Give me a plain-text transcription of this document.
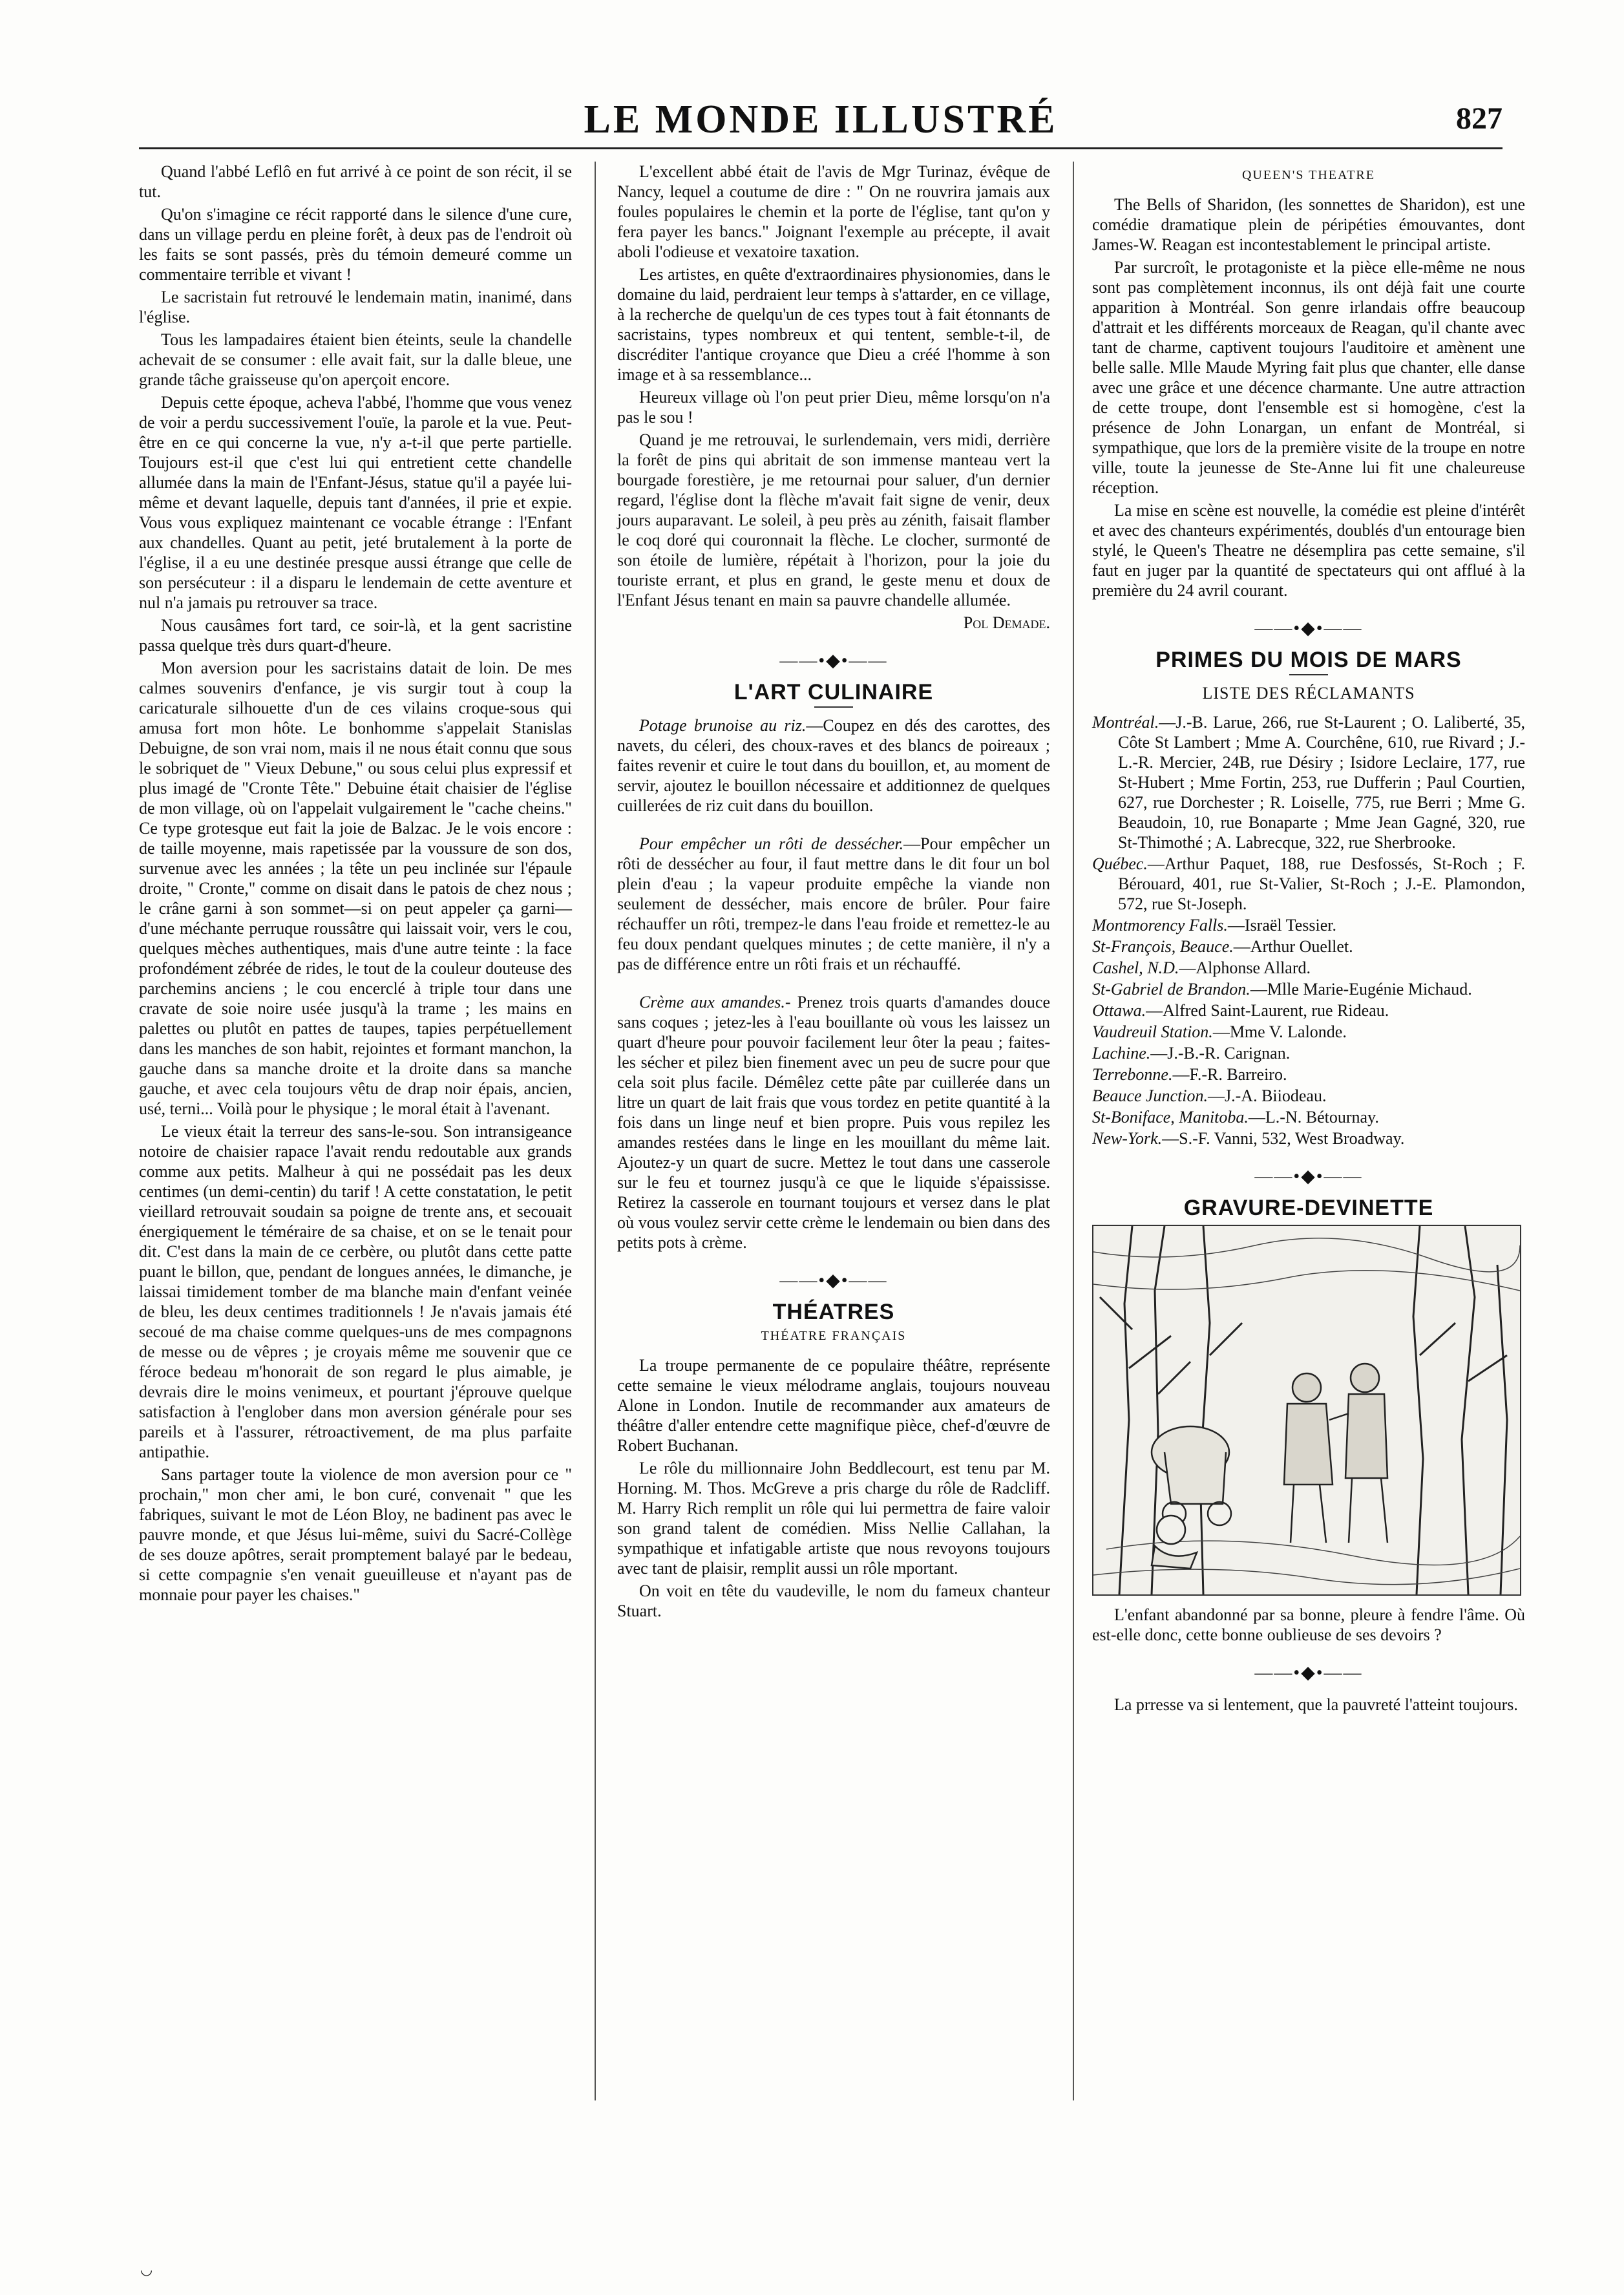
LE MONDE ILLUSTRÉ	827

Quand l'abbé Leflô en fut arrivé à ce point de son récit, il se tut.

Qu'on s'imagine ce récit rapporté dans le silence d'une cure, dans un village perdu en pleine forêt, à deux pas de l'endroit où les faits se sont passés, près du témoin demeuré comme un commentaire terrible et vivant !

Le sacristain fut retrouvé le lendemain matin, inanimé, dans l'église.

Tous les lampadaires étaient bien éteints, seule la chandelle achevait de se consumer : elle avait fait, sur la dalle bleue, une grande tâche graisseuse qu'on aperçoit encore.

Depuis cette époque, acheva l'abbé, l'homme que vous venez de voir a perdu successivement l'ouïe, la parole et la vue. Peut-être en ce qui concerne la vue, n'y a-t-il que perte partielle. Toujours est-il que c'est lui qui entretient cette chandelle allumée dans la main de l'Enfant-Jésus, statue qu'il a payée lui-même et devant laquelle, depuis tant d'années, il prie et expie. Vous vous expliquez maintenant ce vocable étrange : l'Enfant aux chandelles. Quant au petit, jeté brutalement à la porte de l'église, il a eu une destinée presque aussi étrange que celle de son persécuteur : il a disparu le lendemain de cette aventure et nul n'a jamais pu retrouver sa trace.

Nous causâmes fort tard, ce soir-là, et la gent sacristine passa quelque très durs quart-d'heure.

Mon aversion pour les sacristains datait de loin. De mes calmes souvenirs d'enfance, je vis surgir tout à coup la caricaturale silhouette d'un de ces vilains croque-sous qui amusa fort mon hôte. Le bonhomme s'appelait Stanislas Debuigne, de son vrai nom, mais il ne nous était connu que sous le sobriquet de " Vieux Debune," ou sous celui plus expressif et plus imagé de "Cronte Tête." Debuine était chaisier de l'église de mon village, où on l'appelait vulgairement le "cache cheins." Ce type grotesque eut fait la joie de Balzac. Je le vois encore : de taille moyenne, mais rapetissée par la voussure de son dos, survenue avec les années ; la tête un peu inclinée sur l'épaule droite, " Cronte," comme on disait dans le patois de chez nous ; le crâne garni à son sommet—si on peut appeler ça garni—d'une méchante perruque roussâtre qui laissait voir, vers le cou, quelques mèches authentiques, mais d'une autre teinte : la face profondément zébrée de rides, le tout de la couleur douteuse des parchemins anciens ; le cou encerclé à triple tour dans une cravate de soie noire usée jusqu'à la trame ; les mains en palettes ou plutôt en pattes de taupes, tapies perpétuellement dans les manches de son habit, rejointes et formant manchon, la gauche dans sa manche droite et la droite dans sa manche gauche, et avec cela toujours vêtu de drap noir épais, ancien, usé, terni... Voilà pour le physique ; le moral était à l'avenant.

Le vieux était la terreur des sans-le-sou. Son intransigeance notoire de chaisier rapace l'avait rendu redoutable aux grands comme aux petits. Malheur à qui ne possédait pas les deux centimes (un demi-centin) du tarif ! A cette constatation, le petit vieillard retrouvait soudain sa poigne de trente ans, et secouait énergiquement le téméraire de sa chaise, et on se le tenait pour dit. C'est dans la main de ce cerbère, ou plutôt dans cette patte puant le billon, que, pendant de longues années, le dimanche, je laissai timidement tomber de ma blanche main d'enfant veinée de bleu, les deux centimes traditionnels ! Je n'avais jamais été secoué de ma chaise comme quelques-uns de mes compagnons de messe ou de vêpres ; je croyais même me souvenir que ce féroce bedeau m'honorait de son regard le plus aimable, je devrais dire le moins venimeux, et pourtant j'éprouve quelque satisfaction à l'englober dans mon aversion générale pour ses pareils et à l'assurer, rétroactivement, de ma plus parfaite antipathie.

Sans partager toute la violence de mon aversion pour ce " prochain," mon cher ami, le bon curé, convenait " que les fabriques, suivant le mot de Léon Bloy, ne badinent pas avec le pauvre monde, et que Jésus lui-même, suivi du Sacré-Collège de ses douze apôtres, serait promptement balayé par le bedeau, si cette compagnie s'en venait gueuilleuse et n'ayant pas de monnaie pour payer les chaises."

L'excellent abbé était de l'avis de Mgr Turinaz, évêque de Nancy, lequel a coutume de dire : " On ne rouvrira jamais aux foules populaires le chemin et la porte de l'église, tant qu'on y fera payer les bancs." Joignant l'exemple au précepte, il avait aboli l'odieuse et vexatoire taxation.

Les artistes, en quête d'extraordinaires physionomies, dans le domaine du laid, perdraient leur temps à s'attarder, en ce village, à la recherche de quelqu'un de ces types tout à fait étonnants de sacristains, types nombreux et qui tentent, semble-t-il, de discréditer l'antique croyance que Dieu a créé l'homme à son image et à sa ressemblance...

Heureux village où l'on peut prier Dieu, même lorsqu'on n'a pas le sou !

Quand je me retrouvai, le surlendemain, vers midi, derrière la forêt de pins qui abritait de son immense manteau vert la bourgade forestière, je me retournai pour saluer, d'un dernier regard, l'église dont la flèche m'avait fait signe de venir, deux jours auparavant. Le soleil, à peu près au zénith, faisait flamber le coq doré qui couronnait la flèche. Le clocher, surmonté de son étoile de lumière, répétait à l'horizon, pour la joie du touriste errant, et plus en grand, le geste menu et doux de l'Enfant Jésus tenant en main sa pauvre chandelle allumée.

Pol Demade.

——•◆•——
L'ART CULINAIRE

Potage brunoise au riz.—Coupez en dés des carottes, des navets, du céleri, des choux-raves et des blancs de poireaux ; faites revenir et cuire le tout dans du bouillon, et, au moment de servir, ajoutez le bouillon nécessaire et additionnez de quelques cuillerées de riz cuit dans du bouillon.

Pour empêcher un rôti de dessécher.—Pour empêcher un rôti de dessécher au four, il faut mettre dans le dit four un bol plein d'eau ; la vapeur produite empêche la viande non seulement de dessécher, mais encore de brûler. Pour faire réchauffer un rôti, trempez-le dans l'eau froide et remettez-le au feu doux pendant quelques minutes ; de cette manière, il n'y a pas de différence entre un rôti frais et un réchauffé.

Crème aux amandes.- Prenez trois quarts d'amandes douce sans coques ; jetez-les à l'eau bouillante où vous les laissez un quart d'heure pour pouvoir facilement leur ôter la peau ; faites-les sécher et pilez bien finement avec un peu de sucre pour que cela soit plus facile. Démêlez cette pâte par cuillerée dans un litre un quart de lait frais que vous tordez en petite quantité à la fois dans un linge neuf et bien propre. Puis vous repilez les amandes restées dans le linge en les mouillant du même lait. Ajoutez-y un quart de sucre. Mettez le tout dans une casserole sur le feu et tournez jusqu'à ce que le liquide s'épaississe. Retirez la casserole en tournant toujours et versez dans le plat où vous voulez servir cette crème le lendemain ou bien dans des petits pots à crème.

——•◆•——
THÉATRES
THÉATRE FRANÇAIS

La troupe permanente de ce populaire théâtre, représente cette semaine le vieux mélodrame anglais, toujours nouveau Alone in London. Inutile de recommander aux amateurs de théâtre d'aller entendre cette magnifique pièce, chef-d'œuvre de Robert Buchanan.

Le rôle du millionnaire John Beddlecourt, est tenu par M. Horning. M. Thos. McGreve a pris charge du rôle de Radcliff. M. Harry Rich remplit un rôle qui lui permettra de faire valoir son grand talent de comédien. Miss Nellie Callahan, la sympathique et infatigable artiste que nous revoyons toujours avec tant de plaisir, remplit aussi un rôle mportant.

On voit en tête du vaudeville, le nom du fameux chanteur Stuart.

QUEEN'S THEATRE

The Bells of Sharidon, (les sonnettes de Sharidon), est une comédie dramatique plein de péripéties émouvantes, dont James-W. Reagan est incontestablement le principal artiste.

Par surcroît, le protagoniste et la pièce elle-même ne nous sont pas complètement inconnus, ils ont déjà fait une courte apparition à Montréal. Son genre irlandais offre beaucoup d'attrait et les différents morceaux de Reagan, qu'il chante avec tant de charme, captivent toujours l'auditoire et amènent une belle salle. Mlle Maude Myring fait plus que chanter, elle danse avec une grâce et une décence charmante. Une autre attraction de cette troupe, dont l'ensemble est si homogène, c'est la présence de John Lonargan, un enfant de Montréal, si sympathique, que lors de la première visite de la troupe en notre ville, toute la jeunesse de Ste-Anne lui fit une chaleureuse réception.

La mise en scène est nouvelle, la comédie est pleine d'intérêt et avec des chanteurs expérimentés, doublés d'un entourage bien stylé, le Queen's Theatre ne désemplira pas cette semaine, s'il faut en juger par la quantité de spectateurs qui ont afflué à la première du 24 avril courant.

——•◆•——
PRIMES DU MOIS DE MARS
LISTE DES RÉCLAMANTS

Montréal.—J.-B. Larue, 266, rue St-Laurent ; O. Laliberté, 35, Côte St Lambert ; Mme A. Courchêne, 610, rue Rivard ; J.-L.-R. Mercier, 24B, rue Désiry ; Isidore Leclaire, 177, rue St-Hubert ; Mme Fortin, 253, rue Dufferin ; Paul Courtien, 627, rue Dorchester ; R. Loiselle, 775, rue Berri ; Mme G. Beaudoin, 10, rue Bonaparte ; Mme Jean Gagné, 320, rue St-Thimothé ; A. Labrecque, 322, rue Sherbrooke.

Québec.—Arthur Paquet, 188, rue Desfossés, St-Roch ; F. Bérouard, 401, rue St-Valier, St-Roch ; J.-E. Plamondon, 572, rue St-Joseph.

Montmorency Falls.—Israël Tessier.

St-François, Beauce.—Arthur Ouellet.

Cashel, N.D.—Alphonse Allard.

St-Gabriel de Brandon.—Mlle Marie-Eugénie Michaud.

Ottawa.—Alfred Saint-Laurent, rue Rideau.

Vaudreuil Station.—Mme V. Lalonde.

Lachine.—J.-B.-R. Carignan.

Terrebonne.—F.-R. Barreiro.

Beauce Junction.—J.-A. Biiodeau.

St-Boniface, Manitoba.—L.-N. Bétournay.

New-York.—S.-F. Vanni, 532, West Broadway.

——•◆•——
GRAVURE-DEVINETTE

L'enfant abandonné par sa bonne, pleure à fendre l'âme. Où est-elle donc, cette bonne oublieuse de ses devoirs ?

——•◆•——

La prresse va si lentement, que la pauvreté l'atteint toujours.

◡
